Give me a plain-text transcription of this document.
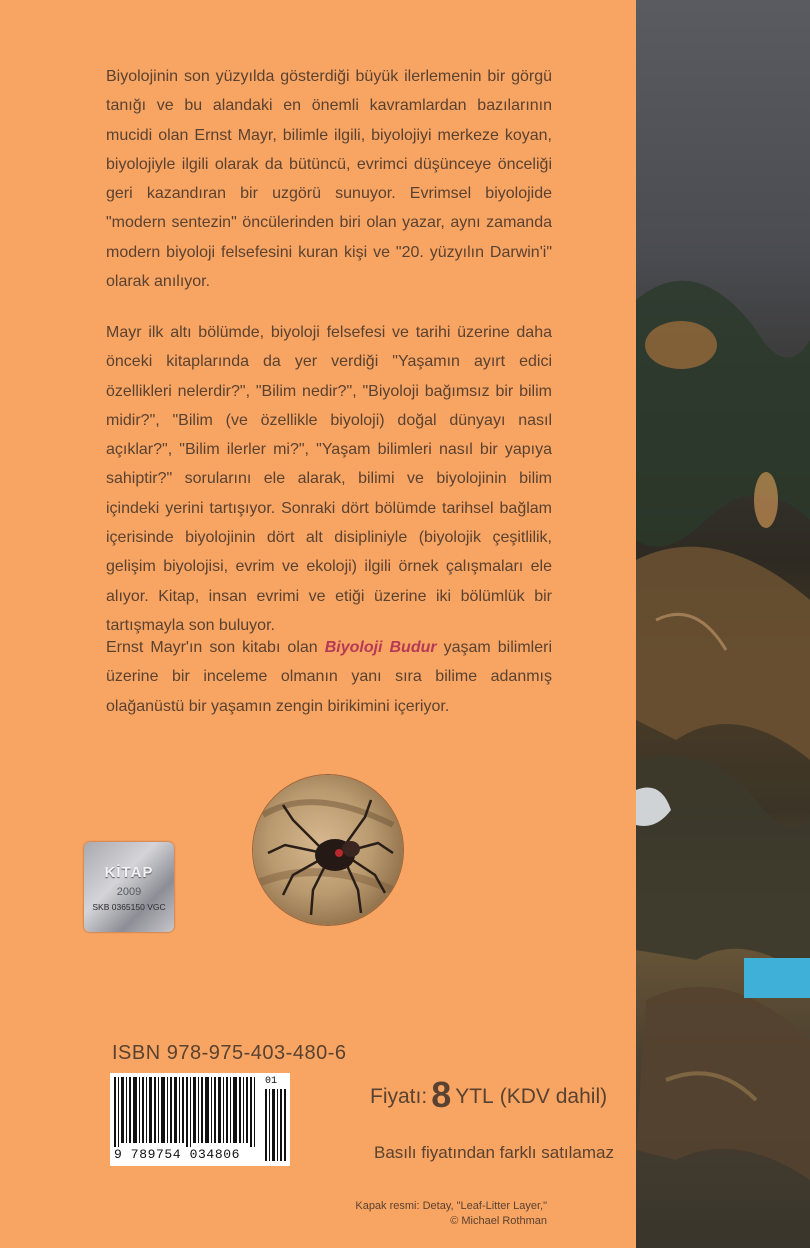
Biyolojinin son yüzyılda gösterdiği büyük ilerlemenin bir görgü tanığı ve bu alandaki en önemli kavramlardan bazılarının mucidi olan Ernst Mayr, bilimle ilgili, biyolojiyi merkeze koyan, biyolojiyle ilgili olarak da bütüncü, evrimci düşünceye önceliği geri kazandıran bir uzgörü sunuyor. Evrimsel biyolojide "modern sentezin" öncülerinden biri olan yazar, aynı zamanda modern biyoloji felsefesini kuran kişi ve "20. yüzyılın Darwin'i" olarak anılıyor.

Mayr ilk altı bölümde, biyoloji felsefesi ve tarihi üzerine daha önceki kitaplarında da yer verdiği "Yaşamın ayırt edici özellikleri nelerdir?", "Bilim nedir?", "Biyoloji bağımsız bir bilim midir?", "Bilim (ve özellikle biyoloji) doğal dünyayı nasıl açıklar?", "Bilim ilerler mi?", "Yaşam bilimleri nasıl bir yapıya sahiptir?" sorularını ele alarak, bilimi ve biyolojinin bilim içindeki yerini tartışıyor. Sonraki dört bölümde tarihsel bağlam içerisinde biyolojinin dört alt disipliniyle (biyolojik çeşitlilik, gelişim biyolojisi, evrim ve ekoloji) ilgili örnek çalışmaları ele alıyor. Kitap, insan evrimi ve etiği üzerine iki bölümlük bir tartışmayla son buluyor.

Ernst Mayr'ın son kitabı olan Biyoloji Budur yaşam bilimleri üzerine bir inceleme olmanın yanı sıra bilime adanmış olağanüstü bir yaşamın zengin birikimini içeriyor.

KİTAP
2009
SKB 0365150 VGC
ISBN 978-975-403-480-6
9 789754 034806
01
Fiyatı: 8 YTL (KDV dahil)
Basılı fiyatından farklı satılamaz
Kapak resmi: Detay, "Leaf-Litter Layer,"
© Michael Rothman
